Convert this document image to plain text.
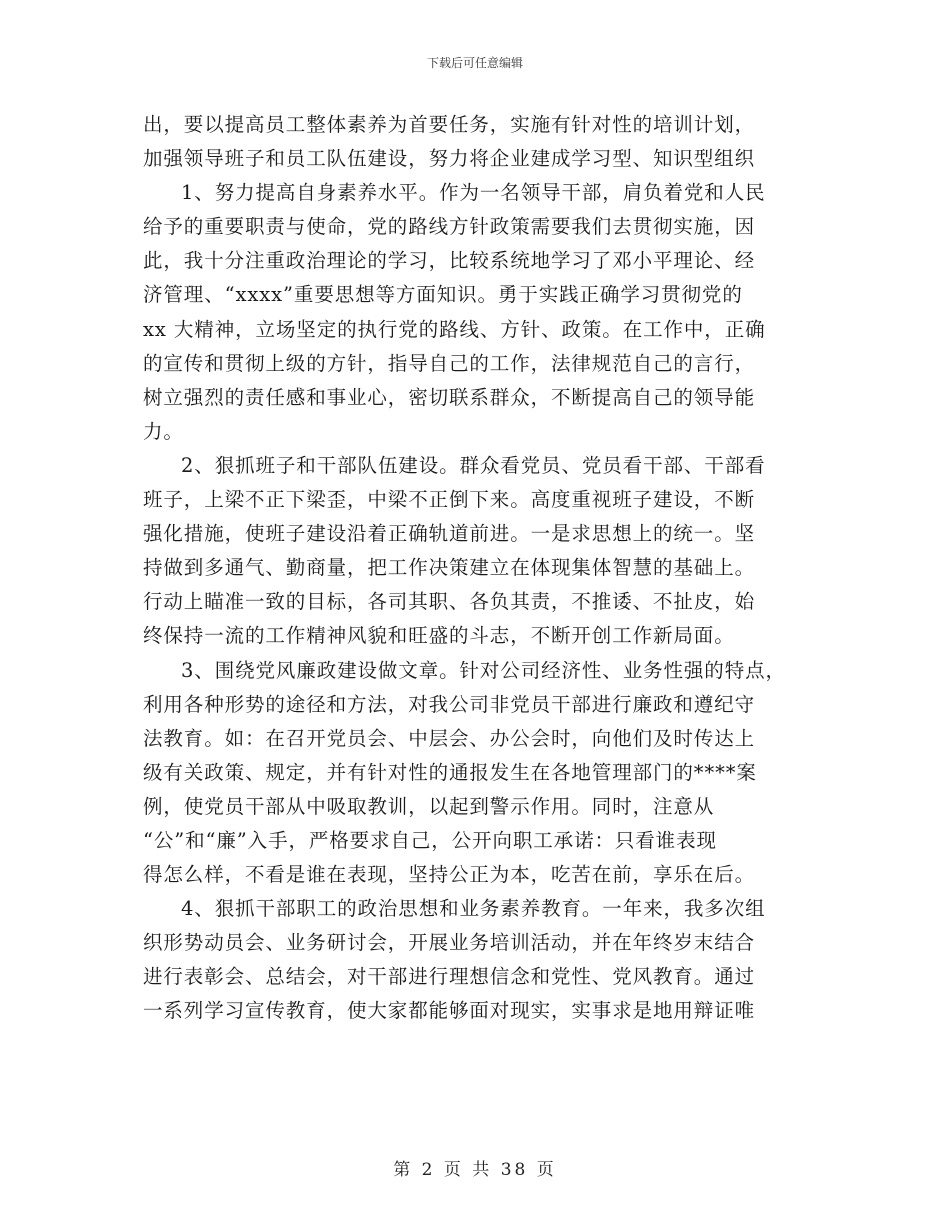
下载后可任意编辑
出，要以提高员工整体素养为首要任务，实施有针对性的培训计划，
加强领导班子和员工队伍建设，努力将企业建成学习型、知识型组织
1、努力提高自身素养水平。作为一名领导干部，肩负着党和人民
给予的重要职责与使命，党的路线方针政策需要我们去贯彻实施，因
此，我十分注重政治理论的学习，比较系统地学习了邓小平理论、经
济管理、“xxxx”重要思想等方面知识。勇于实践正确学习贯彻党的
xx 大精神，立场坚定的执行党的路线、方针、政策。在工作中，正确
的宣传和贯彻上级的方针，指导自己的工作，法律规范自己的言行，
树立强烈的责任感和事业心，密切联系群众，不断提高自己的领导能
力。
2、狠抓班子和干部队伍建设。群众看党员、党员看干部、干部看
班子，上梁不正下梁歪，中梁不正倒下来。高度重视班子建设，不断
强化措施，使班子建设沿着正确轨道前进。一是求思想上的统一。坚
持做到多通气、勤商量，把工作决策建立在体现集体智慧的基础上。
行动上瞄准一致的目标，各司其职、各负其责，不推诿、不扯皮，始
终保持一流的工作精神风貌和旺盛的斗志，不断开创工作新局面。
3、围绕党风廉政建设做文章。针对公司经济性、业务性强的特点，
利用各种形势的途径和方法，对我公司非党员干部进行廉政和遵纪守
法教育。如：在召开党员会、中层会、办公会时，向他们及时传达上
级有关政策、规定，并有针对性的通报发生在各地管理部门的****案
例，使党员干部从中吸取教训，以起到警示作用。同时，注意从
“公”和“廉”入手，严格要求自己，公开向职工承诺：只看谁表现
得怎么样，不看是谁在表现，坚持公正为本，吃苦在前，享乐在后。
4、狠抓干部职工的政治思想和业务素养教育。一年来，我多次组
织形势动员会、业务研讨会，开展业务培训活动，并在年终岁末结合
进行表彰会、总结会，对干部进行理想信念和党性、党风教育。通过
一系列学习宣传教育，使大家都能够面对现实，实事求是地用辩证唯
第 2 页 共 38 页
